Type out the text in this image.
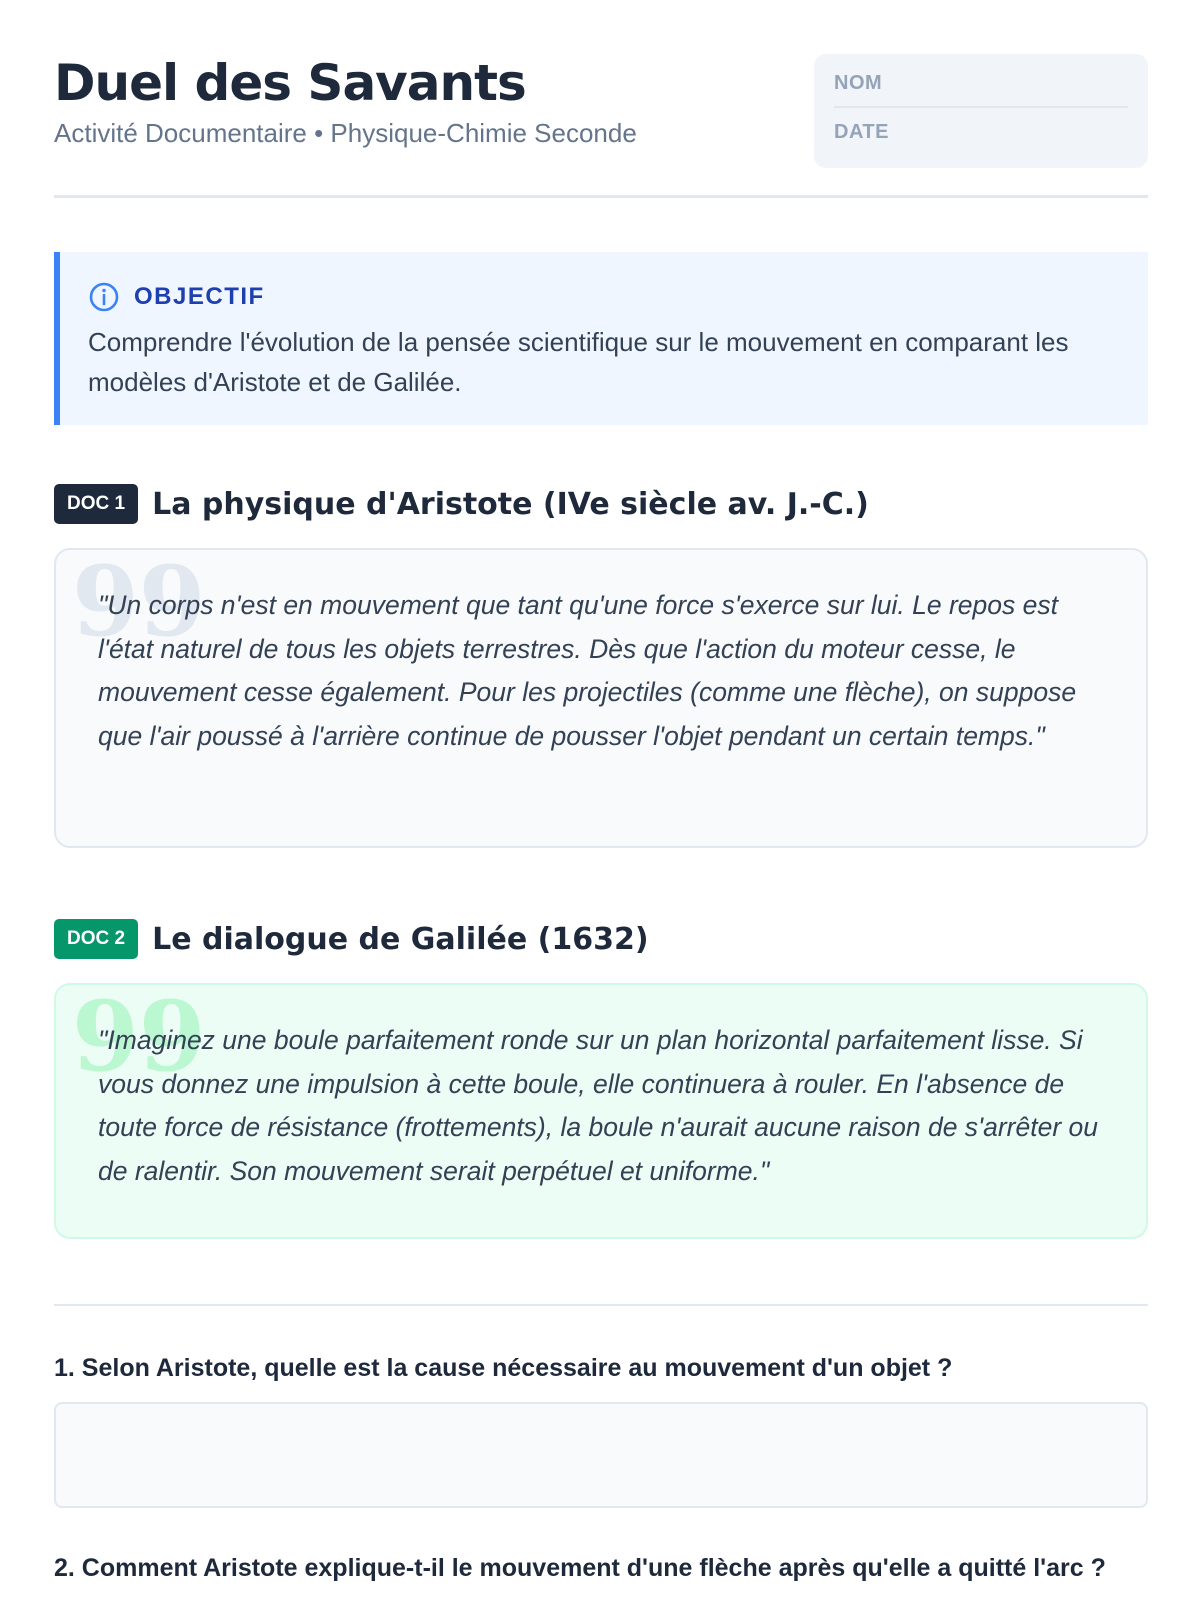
Duel des Savants
Activité Documentaire • Physique-Chimie Seconde
NOM
DATE
OBJECTIF
Comprendre l'évolution de la pensée scientifique sur le mouvement en comparant les modèles d'Aristote et de Galilée.
DOC 1 La physique d'Aristote (IVe siècle av. J.-C.)
99
"Un corps n'est en mouvement que tant qu'une force s'exerce sur lui. Le repos est l'état naturel de tous les objets terrestres. Dès que l'action du moteur cesse, le mouvement cesse également. Pour les projectiles (comme une flèche), on suppose que l'air poussé à l'arrière continue de pousser l'objet pendant un certain temps."
DOC 2 Le dialogue de Galilée (1632)
99
"Imaginez une boule parfaitement ronde sur un plan horizontal parfaitement lisse. Si vous donnez une impulsion à cette boule, elle continuera à rouler. En l'absence de toute force de résistance (frottements), la boule n'aurait aucune raison de s'arrêter ou de ralentir. Son mouvement serait perpétuel et uniforme."
1. Selon Aristote, quelle est la cause nécessaire au mouvement d'un objet ?
2. Comment Aristote explique-t-il le mouvement d'une flèche après qu'elle a quitté l'arc ?
